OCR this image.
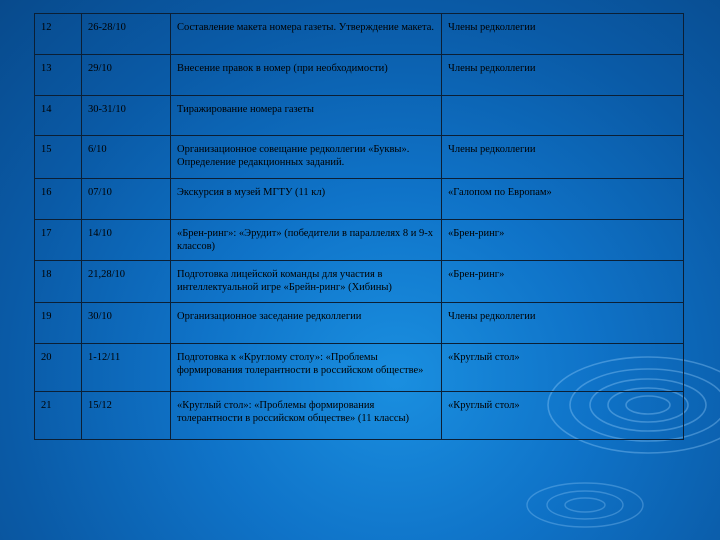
12	26-28/10	Составление макета номера газеты. Утверждение макета.	Члены редколлегии
13	29/10	Внесение правок в номер (при необходимости)	Члены редколлегии
14	30-31/10	Тиражирование номера газеты	
15	6/10	Организационное совещание редколлегии «Буквы». Определение редакционных заданий.	Члены редколлегии
16	07/10	Экскурсия в музей МГТУ (11 кл)	«Галопом по Европам»
17	14/10	«Брен-ринг»: «Эрудит» (победители в параллелях 8 и 9-х классов)	«Брен-ринг»
18	21,28/10	Подготовка лицейской команды для участия в интеллектуальной игре «Брейн-ринг» (Хибины)	«Брен-ринг»
19	30/10	Организационное заседание редколлегии	Члены редколлегии
20	1-12/11	Подготовка к «Круглому столу»: «Проблемы формирования толерантности в российском обществе»	«Круглый стол»
21	15/12	«Круглый стол»: «Проблемы формирования толерантности в российском обществе» (11 классы)	«Круглый стол»
